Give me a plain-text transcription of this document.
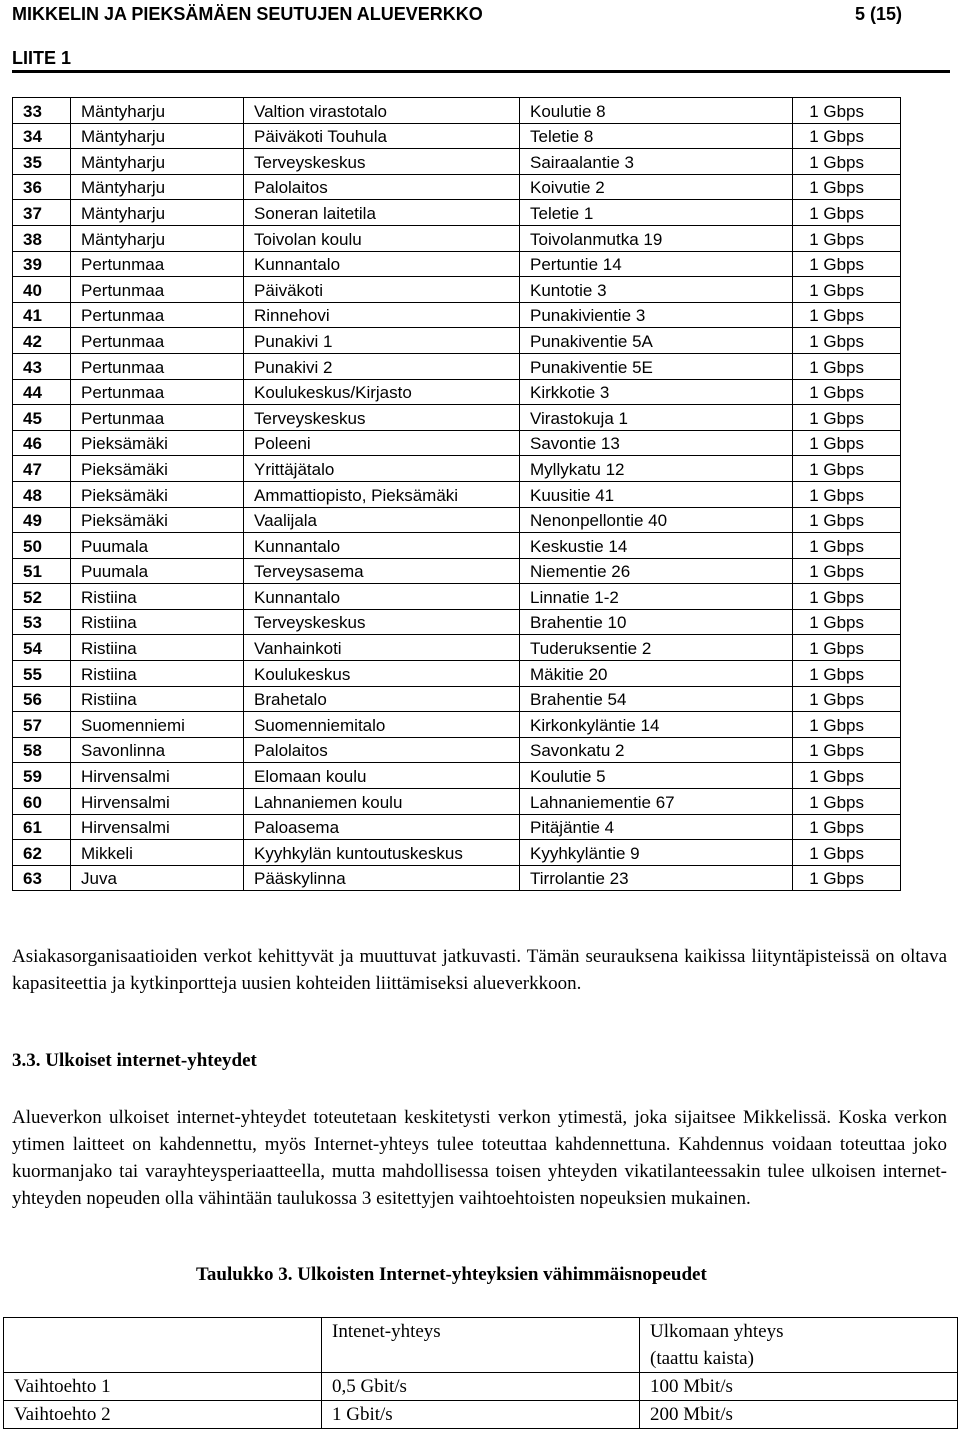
MIKKELIN JA PIEKSÄMÄEN SEUTUJEN ALUEVERKKO	5 (15)
LIITE 1
33	Mäntyharju	Valtion virastotalo	Koulutie 8	1 Gbps
34	Mäntyharju	Päiväkoti Touhula	Teletie 8	1 Gbps
35	Mäntyharju	Terveyskeskus	Sairaalantie 3	1 Gbps
36	Mäntyharju	Palolaitos	Koivutie 2	1 Gbps
37	Mäntyharju	Soneran laitetila	Teletie 1	1 Gbps
38	Mäntyharju	Toivolan koulu	Toivolanmutka 19	1 Gbps
39	Pertunmaa	Kunnantalo	Pertuntie 14	1 Gbps
40	Pertunmaa	Päiväkoti	Kuntotie 3	1 Gbps
41	Pertunmaa	Rinnehovi	Punakivientie 3	1 Gbps
42	Pertunmaa	Punakivi 1	Punakiventie 5A	1 Gbps
43	Pertunmaa	Punakivi 2	Punakiventie 5E	1 Gbps
44	Pertunmaa	Koulukeskus/Kirjasto	Kirkkotie 3	1 Gbps
45	Pertunmaa	Terveyskeskus	Virastokuja 1	1 Gbps
46	Pieksämäki	Poleeni	Savontie 13	1 Gbps
47	Pieksämäki	Yrittäjätalo	Myllykatu 12	1 Gbps
48	Pieksämäki	Ammattiopisto, Pieksämäki	Kuusitie 41	1 Gbps
49	Pieksämäki	Vaalijala	Nenonpellontie 40	1 Gbps
50	Puumala	Kunnantalo	Keskustie 14	1 Gbps
51	Puumala	Terveysasema	Niementie 26	1 Gbps
52	Ristiina	Kunnantalo	Linnatie 1-2	1 Gbps
53	Ristiina	Terveyskeskus	Brahentie 10	1 Gbps
54	Ristiina	Vanhainkoti	Tuderuksentie 2	1 Gbps
55	Ristiina	Koulukeskus	Mäkitie 20	1 Gbps
56	Ristiina	Brahetalo	Brahentie 54	1 Gbps
57	Suomenniemi	Suomenniemitalo	Kirkonkyläntie 14	1 Gbps
58	Savonlinna	Palolaitos	Savonkatu 2	1 Gbps
59	Hirvensalmi	Elomaan koulu	Koulutie 5	1 Gbps
60	Hirvensalmi	Lahnaniemen koulu	Lahnaniementie 67	1 Gbps
61	Hirvensalmi	Paloasema	Pitäjäntie 4	1 Gbps
62	Mikkeli	Kyyhkylän kuntoutuskeskus	Kyyhkyläntie 9	1 Gbps
63	Juva	Pääskylinna	Tirrolantie 23	1 Gbps

Asiakasorganisaatioiden verkot kehittyvät ja muuttuvat jatkuvasti. Tämän seurauksena kaikissa liityntäpisteissä on oltava kapasiteettia ja kytkinportteja uusien kohteiden liittämiseksi alueverkkoon.

3.3. Ulkoiset internet-yhteydet

Alueverkon ulkoiset internet-yhteydet toteutetaan keskitetysti verkon ytimestä, joka sijaitsee Mikkelissä. Koska verkon ytimen laitteet on kahdennettu, myös Internet-yhteys tulee toteuttaa kahdennettuna. Kahdennus voidaan toteuttaa joko kuormanjako tai varayhteysperiaatteella, mutta mahdollisessa toisen yhteyden vikatilanteessakin tulee ulkoisen internet-yhteyden nopeuden olla vähintään taulukossa 3 esitettyjen vaihtoehtoisten nopeuksien mukainen.

Taulukko 3. Ulkoisten Internet-yhteyksien vähimmäisnopeudet
	Intenet-yhteys	Ulkomaan yhteys (taattu kaista)

Vaihtoehto 1	0,5 Gbit/s	100 Mbit/s
Vaihtoehto 2	1 Gbit/s	200 Mbit/s
